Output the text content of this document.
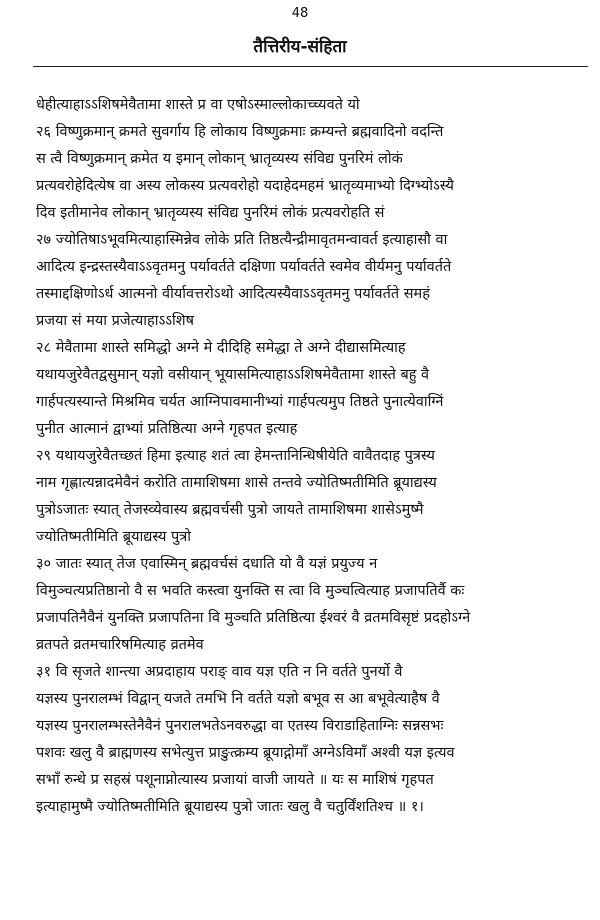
48
तैत्तिरीय-संहिता
धेहीत्याहाऽऽशिषमेवैतामा शास्ते प्र वा एषोऽस्माल्लोकाच्च्यवते यो
२६ विष्णुक्रमान् क्रमते सुवर्गाय हि लोकाय विष्णुक्रमाः क्रम्यन्ते ब्रह्मवादिनो वदन्ति
स त्वै विष्णुक्रमान् क्रमेत य इमान् लोकान् भ्रातृव्यस्य संविद्य पुनरिमं लोकं
प्रत्यवरोहेदित्येष वा अस्य लोकस्य प्रत्यवरोहो यदाहेदमहमं भ्रातृव्यमाभ्यो दिग्भ्योऽस्यै
दिव इतीमानेव लोकान् भ्रातृव्यस्य संविद्य पुनरिमं लोकं प्रत्यवरोहति सं
२७ ज्योतिषाऽभूवमित्याहास्मिन्नेव लोके प्रति तिष्ठत्यैन्द्रीमावृतमन्वावर्त इत्याहासौ वा
आदित्य इन्द्रस्तस्यैवाऽऽवृतमनु पर्यावर्तते दक्षिणा पर्यावर्तते स्वमेव वीर्यमनु पर्यावर्तते
तस्माद्दक्षिणोऽर्ध आत्मनो वीर्यावत्तरोऽथो आदित्यस्यैवाऽऽवृतमनु पर्यावर्तते समहं
प्रजया सं मया प्रजेत्याहाऽऽशिष
२८ मेवैतामा शास्ते समिद्धो अग्ने मे दीदिहि समेद्धा ते अग्ने दीद्यासमित्याह
यथायजुरेवैतद्वसुमान् यज्ञो वसीयान् भूयासमित्याहाऽऽशिषमेवैतामा शास्ते बहु वै
गार्हपत्यस्यान्ते मिश्रमिव चर्यत आग्निपावमानीभ्यां गार्हपत्यमुप तिष्ठते पुनात्येवाग्निं
पुनीत आत्मानं द्वाभ्यां प्रतिष्ठित्या अग्ने गृहपत इत्याह
२९ यथायजुरेवैतच्छतं हिमा इत्याह शतं त्वा हेमन्तानिन्धिषीयेति वावैतदाह पुत्रस्य
नाम गृह्णात्यन्नादमेवैनं करोति तामाशिषमा शासे तन्तवे ज्योतिष्मतीमिति ब्रूयाद्यस्य
पुत्रोऽजातः स्यात् तेजस्व्येवास्य ब्रह्मवर्चसी पुत्रो जायते तामाशिषमा शासेऽमुष्मै
ज्योतिष्मतीमिति ब्रूयाद्यस्य पुत्रो
३० जातः स्यात् तेज एवास्मिन् ब्रह्मवर्चसं दधाति यो वै यज्ञं प्रयुज्य न
विमुञ्चत्यप्रतिष्ठानो वै स भवति कस्त्वा युनक्ति स त्वा वि मुञ्चत्वित्याह प्रजापतिर्वै कः
प्रजापतिनैवैनं युनक्ति प्रजापतिना वि मुञ्चति प्रतिष्ठित्या ईश्वरं वै व्रतमविसृष्टं प्रदहोऽग्ने
व्रतपते व्रतमचारिषमित्याह व्रतमेव
३१ वि सृजते शान्त्या अप्रदाहाय पराङ् वाव यज्ञ एति न नि वर्तते पुनर्यो वै
यज्ञस्य पुनरालम्भं विद्वान् यजते तमभि नि वर्तते यज्ञो बभूव स आ बभूवेत्याहैष वै
यज्ञस्य पुनरालम्भस्तेनैवैनं पुनरालभतेऽनवरुद्धा वा एतस्य विराडाहिताग्निः सन्नसभः
पशवः खलु वै ब्राह्मणस्य सभेत्युत्त प्राङुत्क्रम्य ब्रूयाद्गोमाँ अग्नेऽविमाँ अश्वी यज्ञ इत्यव
सभाँ रुन्धे प्र सहस्रं पशूनाप्नोत्यास्य प्रजायां वाजी जायते ॥ यः स माशिषं गृहपत
इत्याहामुष्मै ज्योतिष्मतीमिति ब्रूयाद्यस्य पुत्रो जातः खलु वै चतुर्विंशतिश्च ॥ १।
